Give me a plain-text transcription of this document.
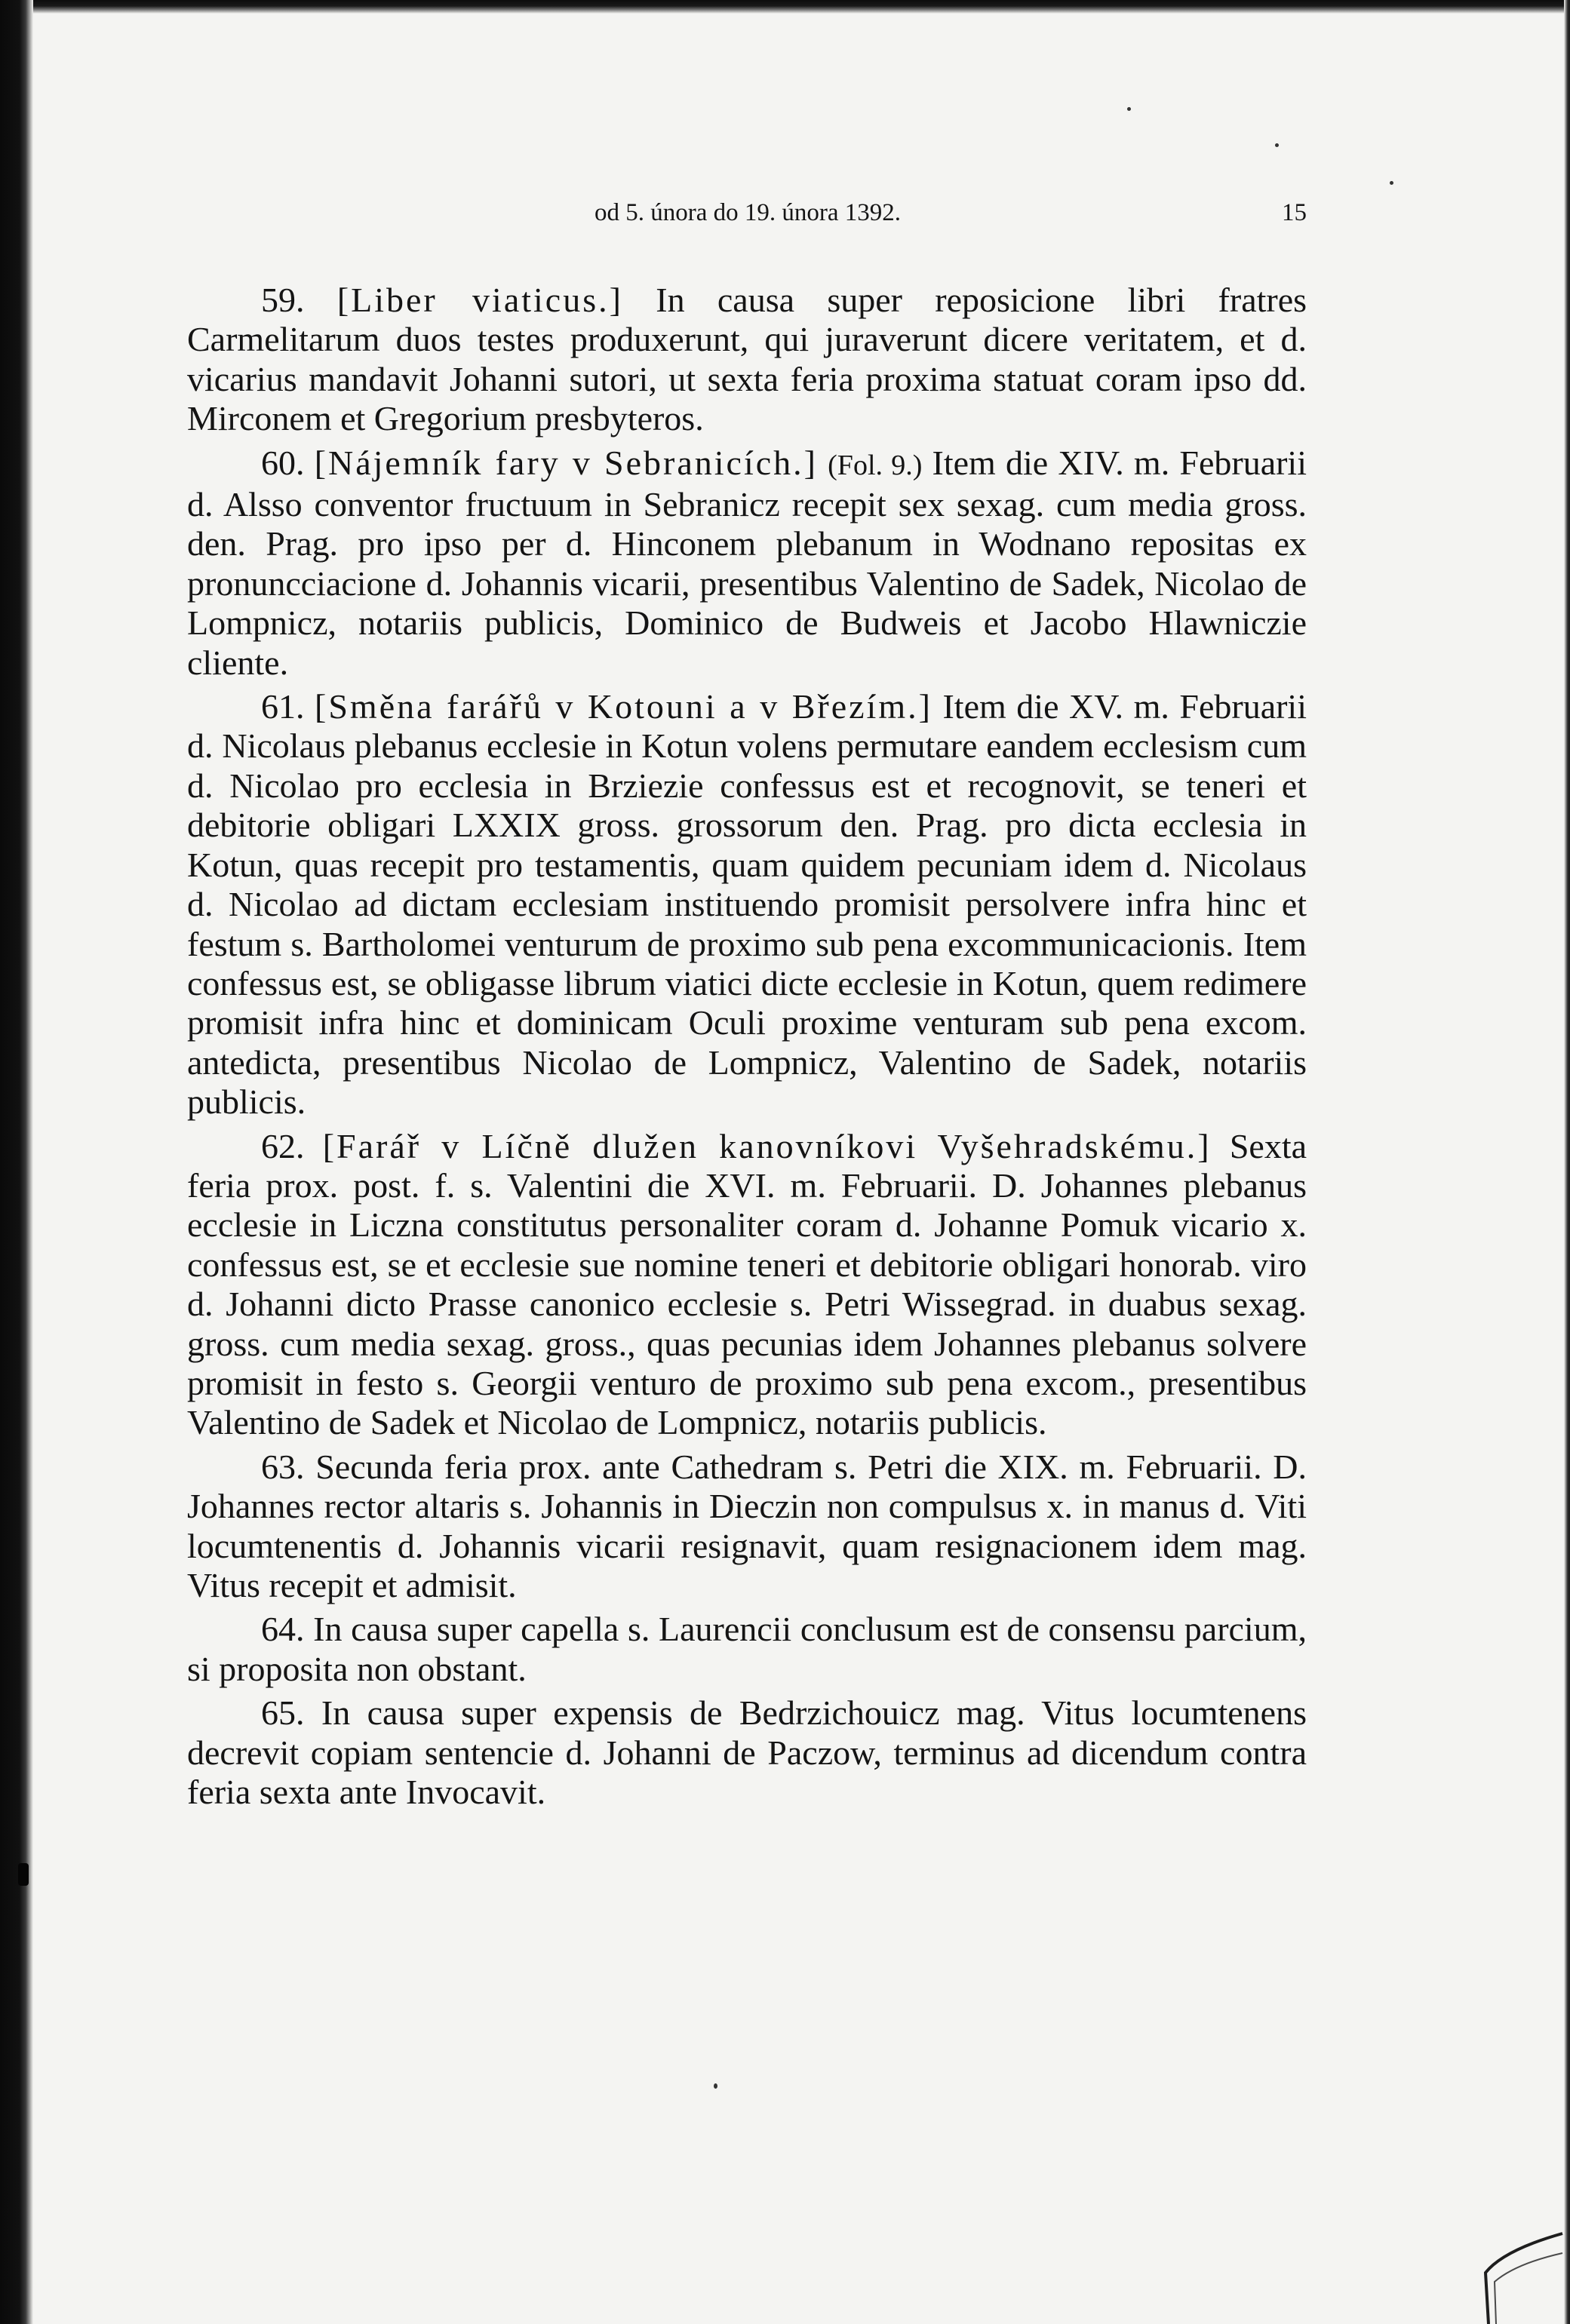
od 5. února do 19. února 1392.	15

59. [Liber viaticus.] In causa super reposicione libri fratres Carmelitarum duos testes produxerunt, qui juraverunt dicere veritatem, et d. vicarius mandavit Johanni sutori, ut sexta feria proxima statuat coram ipso dd. Mirconem et Gregorium presbyteros.

60. [Nájemník fary v Sebranicích.] (Fol. 9.) Item die XIV. m. Februarii d. Alsso conventor fructuum in Sebranicz recepit sex sexag. cum media gross. den. Prag. pro ipso per d. Hinconem plebanum in Wodnano repositas ex pronuncciacione d. Johannis vicarii, presentibus Valentino de Sadek, Nicolao de Lompnicz, notariis publicis, Dominico de Budweis et Jacobo Hlawniczie cliente.

61. [Směna farářů v Kotouni a v Březím.] Item die XV. m. Februarii d. Nicolaus plebanus ecclesie in Kotun volens permutare eandem ecclesism cum d. Nicolao pro ecclesia in Brziezie confessus est et recognovit, se teneri et debitorie obligari LXXIX gross. grossorum den. Prag. pro dicta ecclesia in Kotun, quas recepit pro testamentis, quam quidem pecuniam idem d. Nicolaus d. Nicolao ad dictam ecclesiam instituendo promisit persolvere infra hinc et festum s. Bartholomei venturum de proximo sub pena excommunicacionis. Item confessus est, se obligasse librum viatici dicte ecclesie in Kotun, quem redimere promisit infra hinc et dominicam Oculi proxime venturam sub pena excom. antedicta, presentibus Nicolao de Lompnicz, Valentino de Sadek, notariis publicis.

62. [Farář v Líčně dlužen kanovníkovi Vyšehradskému.] Sexta feria prox. post. f. s. Valentini die XVI. m. Februarii. D. Johannes plebanus ecclesie in Liczna constitutus personaliter coram d. Johanne Pomuk vicario x. confessus est, se et ecclesie sue nomine teneri et debitorie obligari honorab. viro d. Johanni dicto Prasse canonico ecclesie s. Petri Wissegrad. in duabus sexag. gross. cum media sexag. gross., quas pecunias idem Johannes plebanus solvere promisit in festo s. Georgii venturo de proximo sub pena excom., presentibus Valentino de Sadek et Nicolao de Lompnicz, notariis publicis.

63. Secunda feria prox. ante Cathedram s. Petri die XIX. m. Februarii. D. Johannes rector altaris s. Johannis in Dieczin non compulsus x. in manus d. Viti locumtenentis d. Johannis vicarii resignavit, quam resignacionem idem mag. Vitus recepit et admisit.

64. In causa super capella s. Laurencii conclusum est de consensu parcium, si proposita non obstant.

65. In causa super expensis de Bedrzichouicz mag. Vitus locumtenens decrevit copiam sentencie d. Johanni de Paczow, terminus ad dicendum contra feria sexta ante Invocavit.
